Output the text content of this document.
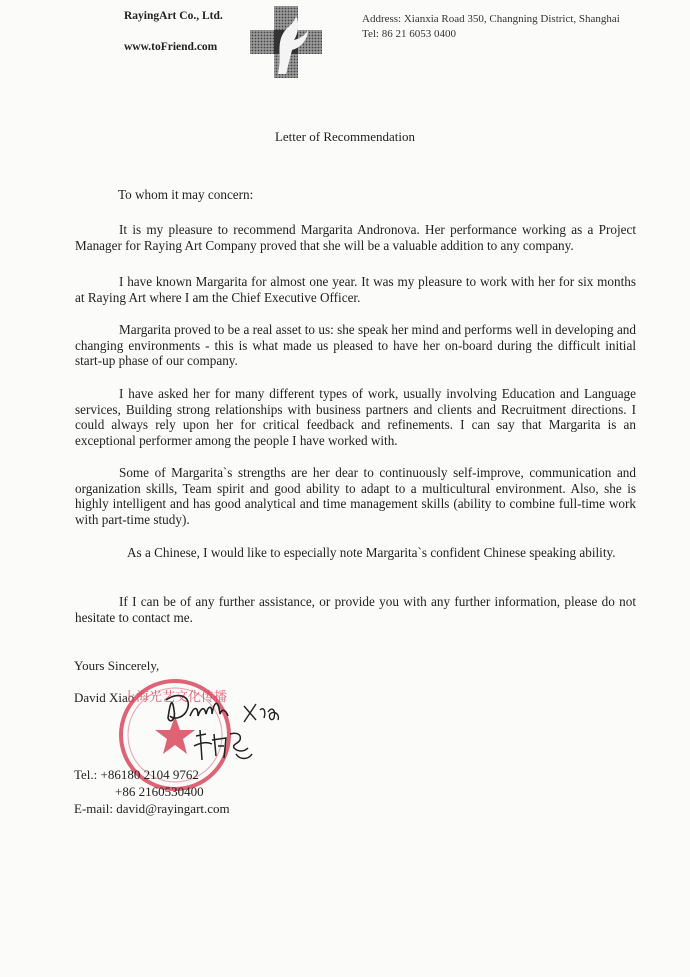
RayingArt Co., Ltd.
www.toFriend.com
Address: Xianxia Road 350, Changning District, Shanghai
Tel: 86 21 6053 0400
Letter of Recommendation
To whom it may concern:
It is my pleasure to recommend Margarita Andronova. Her performance working as a Project Manager for Raying Art Company proved that she will be a valuable addition to any company.
I have known Margarita for almost one year. It was my pleasure to work with her for six months at Raying Art where I am the Chief Executive Officer.
Margarita proved to be a real asset to us: she speak her mind and performs well in developing and changing environments - this is what made us pleased to have her on-board during the difficult initial start-up phase of our company.
I have asked her for many different types of work, usually involving Education and Language services, Building strong relationships with business partners and clients and Recruitment directions. I could always rely upon her for critical feedback and refinements. I can say that Margarita is an exceptional performer among the people I have worked with.
Some of Margarita`s strengths are her dear to continuously self-improve, communication and organization skills, Team spirit and good ability to adapt to a multicultural environment. Also, she is highly intelligent and has good analytical and time management skills (ability to combine full-time work with part-time study).
As a Chinese, I would like to especially note Margarita`s confident Chinese speaking ability.
If I can be of any further assistance, or provide you with any further information, please do not hesitate to contact me.
Yours Sincerely,
David Xiao
上海光艺文化传播
Tel.: +86180 2104 9762
+86 2160530400
E-mail: david@rayingart.com
